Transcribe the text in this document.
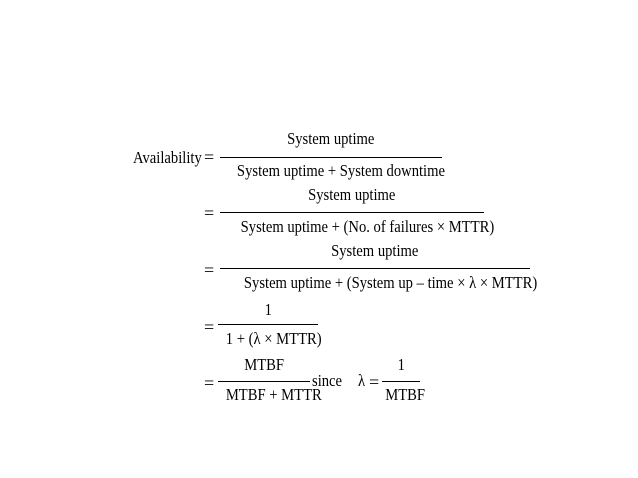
Availability =
System uptime
System uptime + System downtime
=
System uptime
System uptime + (No. of failures × MTTR)
=
System uptime
System uptime + (System up – time × λ × MTTR)
=
1
1 + (λ × MTTR)
=
MTBF
MTBF + MTTR
since λ =
1
MTBF
